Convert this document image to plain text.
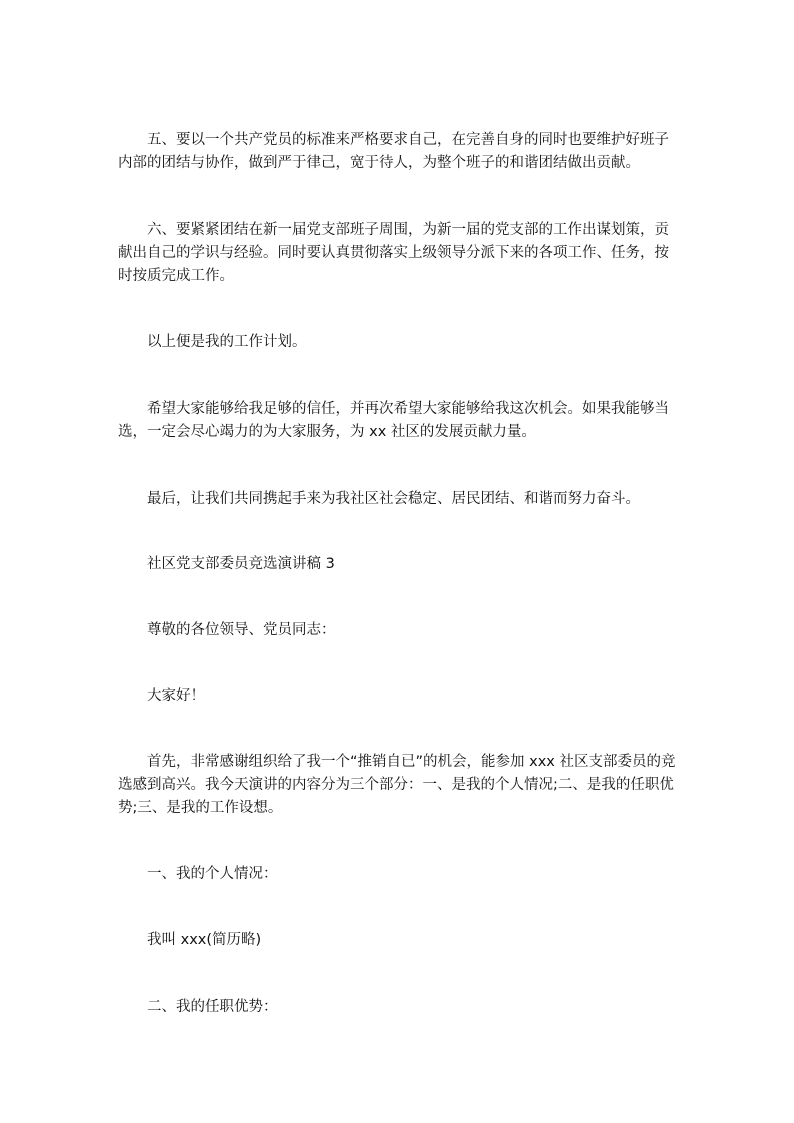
五、要以一个共产党员的标准来严格要求自己，在完善自身的同时也要维护好班子内部的团结与协作，做到严于律己，宽于待人，为整个班子的和谐团结做出贡献。

六、要紧紧团结在新一届党支部班子周围，为新一届的党支部的工作出谋划策，贡献出自己的学识与经验。同时要认真贯彻落实上级领导分派下来的各项工作、任务，按时按质完成工作。

以上便是我的工作计划。

希望大家能够给我足够的信任，并再次希望大家能够给我这次机会。如果我能够当选，一定会尽心竭力的为大家服务，为 xx 社区的发展贡献力量。

最后，让我们共同携起手来为我社区社会稳定、居民团结、和谐而努力奋斗。

社区党支部委员竞选演讲稿 3

尊敬的各位领导、党员同志：

大家好！

首先，非常感谢组织给了我一个“推销自已”的机会，能参加 xxx 社区支部委员的竞选感到高兴。我今天演讲的内容分为三个部分：一、是我的个人情况;二、是我的任职优势;三、是我的工作设想。

一、我的个人情况：

我叫 xxx(简历略)

二、我的任职优势：
